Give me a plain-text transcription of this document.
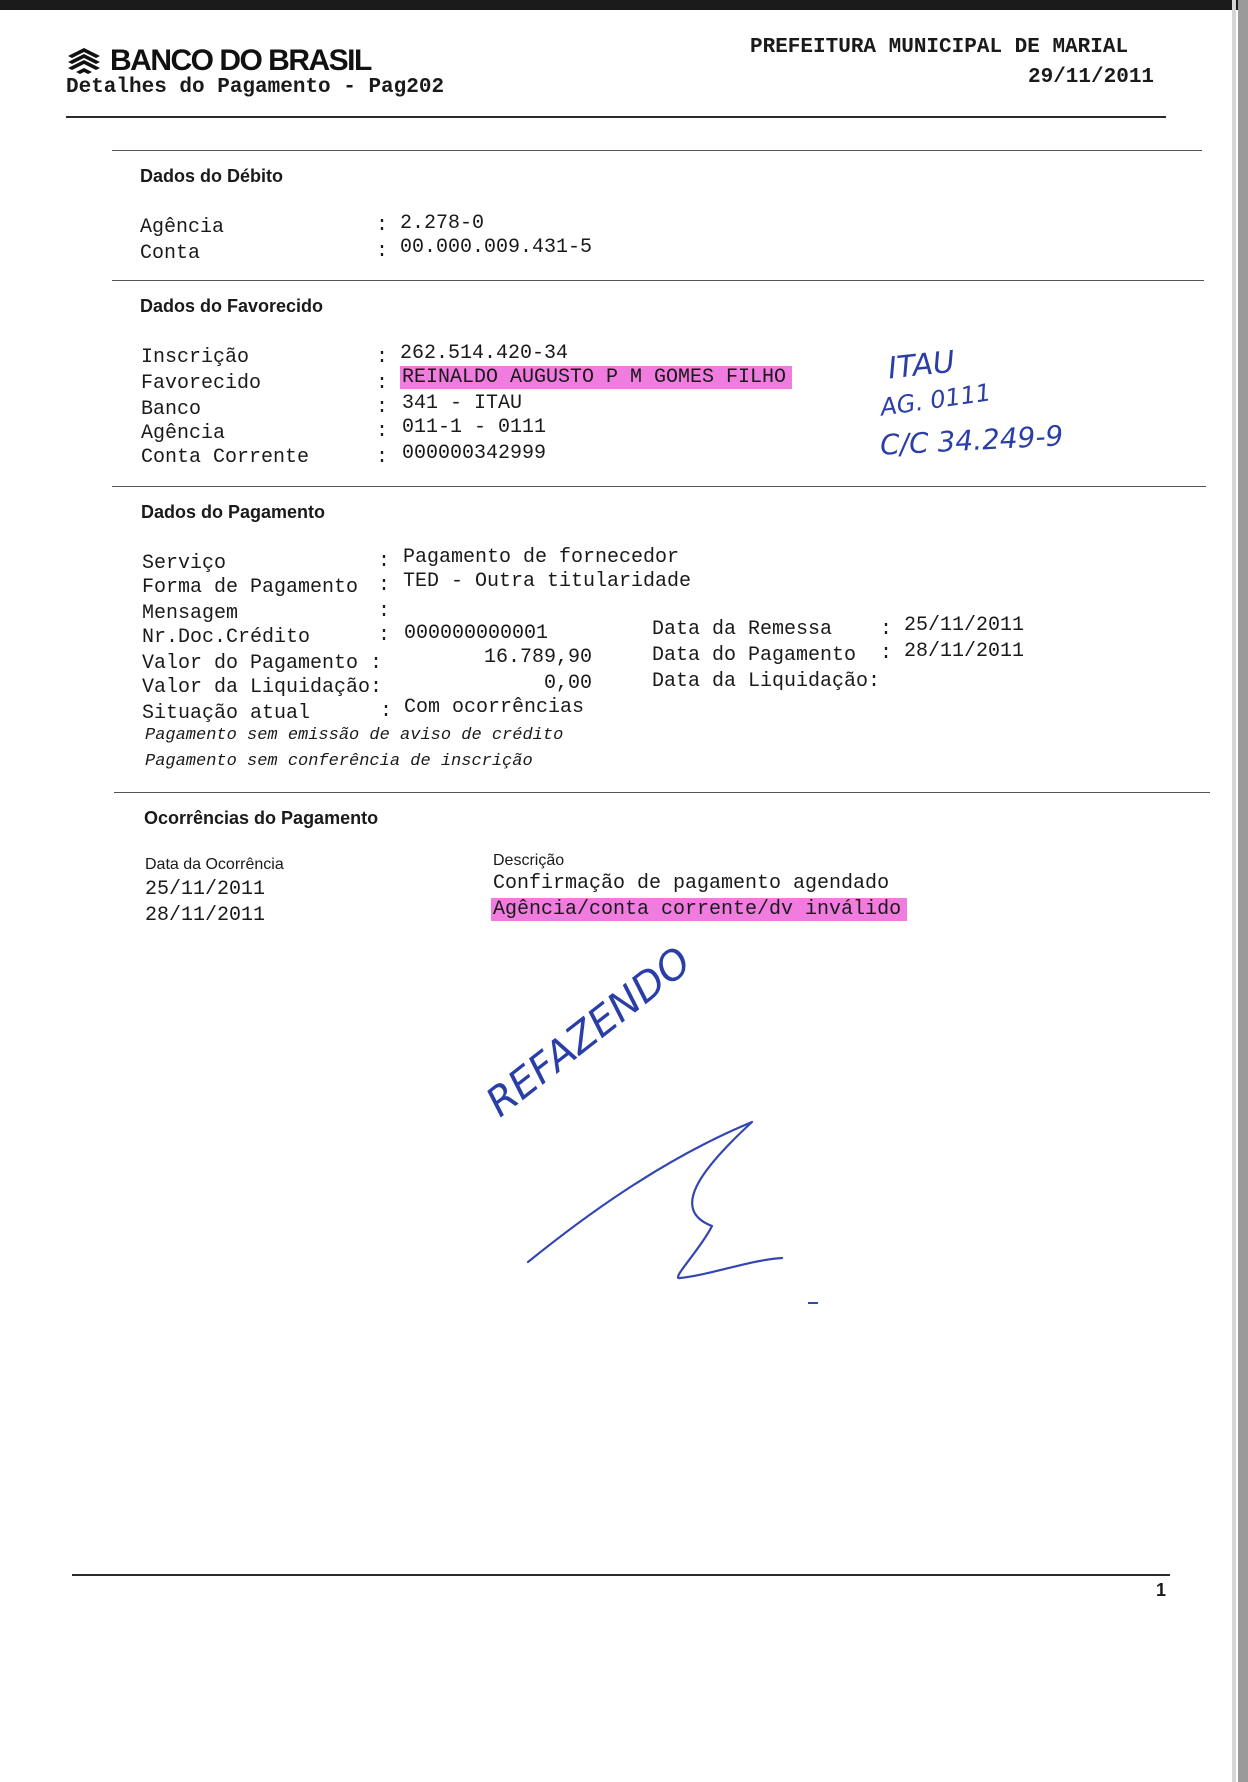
BANCO DO BRASIL
Detalhes do Pagamento - Pag202
PREFEITURA MUNICIPAL DE MARIAL
29/11/2011
Dados do Débito
Agência	: 2.278-0
Conta	: 00.000.009.431-5
Dados do Favorecido
Inscrição	: 262.514.420-34
Favorecido	: REINALDO AUGUSTO P M GOMES FILHO
Banco	: 341 - ITAU
Agência	: 011-1 - 0111
Conta Corrente	: 000000342999
ITAU
AG. 0111
C/C 34.249-9
Dados do Pagamento
Serviço	: Pagamento de fornecedor
Forma de Pagamento : TED - Outra titularidade
Mensagem	:
Nr.Doc.Crédito	: 000000000001
Valor do Pagamento :	16.789,90
Valor da Liquidação:	0,00
Situação atual	: Com ocorrências
Pagamento sem emissão de aviso de crédito
Pagamento sem conferência de inscrição
Data da Remessa : 25/11/2011
Data do Pagamento : 28/11/2011
Data da Liquidação:
Ocorrências do Pagamento
Data da Ocorrência	Descrição
25/11/2011	Confirmação de pagamento agendado
28/11/2011	Agência/conta corrente/dv inválido
REFAZENDO
1
